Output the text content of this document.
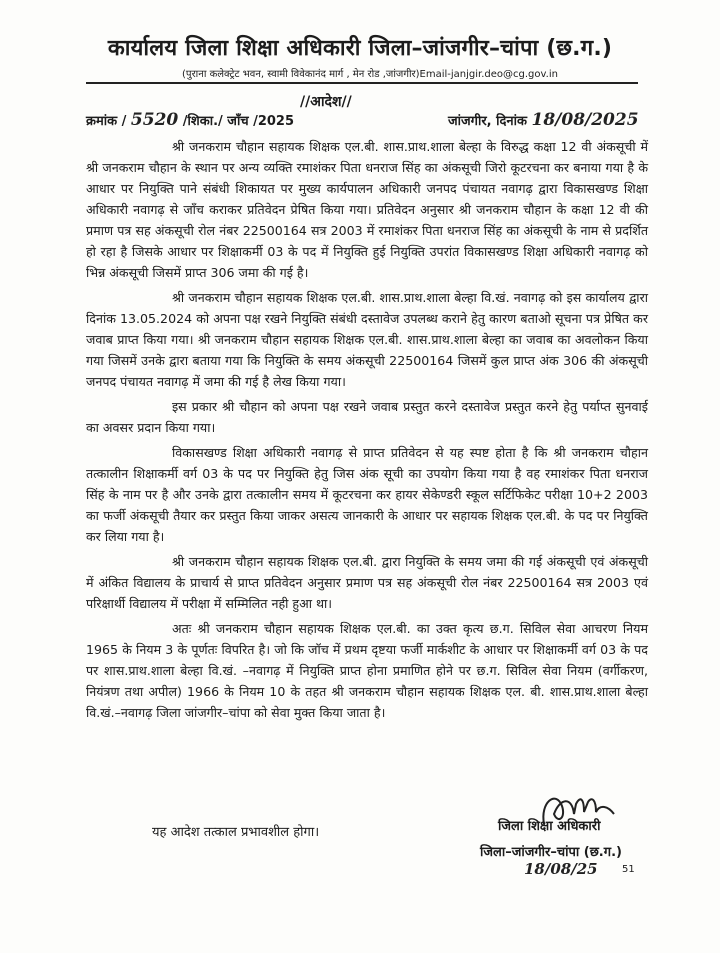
कार्यालय जिला शिक्षा अधिकारी जिला–जांजगीर–चांपा (छ.ग.)
(पुराना कलेक्ट्रेट भवन, स्वामी विवेकानंद मार्ग , मेन रोड ,जांजगीर)Email-janjgir.deo@cg.gov.in
//आदेश//
क्रमांक / 5520 /शिका./ जाँच /2025	जांजगीर, दिनांक 18/08/2025

श्री जनकराम चौहान सहायक शिक्षक एल.बी. शास.प्राथ.शाला बेल्हा के विरुद्ध कक्षा 12 वी अंकसूची में श्री जनकराम चौहान के स्थान पर अन्य व्यक्ति रमाशंकर पिता धनराज सिंह का अंकसूची जिरो कूटरचना कर बनाया गया है के आधार पर नियुक्ति पाने संबंधी शिकायत पर मुख्य कार्यपालन अधिकारी जनपद पंचायत नवागढ़ द्वारा विकासखण्ड शिक्षा अधिकारी नवागढ़ से जाँच कराकर प्रतिवेदन प्रेषित किया गया। प्रतिवेदन अनुसार श्री जनकराम चौहान के कक्षा 12 वी की प्रमाण पत्र सह अंकसूची रोल नंबर 22500164 सत्र 2003 में रमाशंकर पिता धनराज सिंह का अंकसूची के नाम से प्रदर्शित हो रहा है जिसके आधार पर शिक्षाकर्मी 03 के पद में नियुक्ति हुई नियुक्ति उपरांत विकासखण्ड शिक्षा अधिकारी नवागढ़ को भिन्न अंकसूची जिसमें प्राप्त 306 जमा की गई है।

श्री जनकराम चौहान सहायक शिक्षक एल.बी. शास.प्राथ.शाला बेल्हा वि.खं. नवागढ़ को इस कार्यालय द्वारा दिनांक 13.05.2024 को अपना पक्ष रखने नियुक्ति संबंधी दस्तावेज उपलब्ध कराने हेतु कारण बताओ सूचना पत्र प्रेषित कर जवाब प्राप्त किया गया। श्री जनकराम चौहान सहायक शिक्षक एल.बी. शास.प्राथ.शाला बेल्हा का जवाब का अवलोकन किया गया जिसमें उनके द्वारा बताया गया कि नियुक्ति के समय अंकसूची 22500164 जिसमें कुल प्राप्त अंक 306 की अंकसूची जनपद पंचायत नवागढ़ में जमा की गई है लेख किया गया।

इस प्रकार श्री चौहान को अपना पक्ष रखने जवाब प्रस्तुत करने दस्तावेज प्रस्तुत करने हेतु पर्याप्त सुनवाई का अवसर प्रदान किया गया।

विकासखण्ड शिक्षा अधिकारी नवागढ़ से प्राप्त प्रतिवेदन से यह स्पष्ट होता है कि श्री जनकराम चौहान तत्कालीन शिक्षाकर्मी वर्ग 03 के पद पर नियुक्ति हेतु जिस अंक सूची का उपयोग किया गया है वह रमाशंकर पिता धनराज सिंह के नाम पर है और उनके द्वारा तत्कालीन समय में कूटरचना कर हायर सेकेण्डरी स्कूल सर्टिफिकेट परीक्षा 10+2 2003 का फर्जी अंकसूची तैयार कर प्रस्तुत किया जाकर असत्य जानकारी के आधार पर सहायक शिक्षक एल.बी. के पद पर नियुक्ति कर लिया गया है।

श्री जनकराम चौहान सहायक शिक्षक एल.बी. द्वारा नियुक्ति के समय जमा की गई अंकसूची एवं अंकसूची में अंकित विद्यालय के प्राचार्य से प्राप्त प्रतिवेदन अनुसार प्रमाण पत्र सह अंकसूची रोल नंबर 22500164 सत्र 2003 एवं परिक्षार्थी विद्यालय में परीक्षा में सम्मिलित नही हुआ था।

अतः श्री जनकराम चौहान सहायक शिक्षक एल.बी. का उक्त कृत्य छ.ग. सिविल सेवा आचरण नियम 1965 के नियम 3 के पूर्णतः विपरित है। जो कि जॉच में प्रथम दृष्टया फर्जी मार्कशीट के आधार पर शिक्षाकर्मी वर्ग 03 के पद पर शास.प्राथ.शाला बेल्हा वि.खं. –नवागढ़ में नियुक्ति प्राप्त होना प्रमाणित होने पर छ.ग. सिविल सेवा नियम (वर्गीकरण, नियंत्रण तथा अपील) 1966 के नियम 10 के तहत श्री जनकराम चौहान सहायक शिक्षक एल. बी. शास.प्राथ.शाला बेल्हा वि.खं.–नवागढ़ जिला जांजगीर–चांपा को सेवा मुक्त किया जाता है।

यह आदेश तत्काल प्रभावशील होगा।	जिला शिक्षा अधिकारी
जिला–जांजगीर–चांपा (छ.ग.)
18/08/25 51
